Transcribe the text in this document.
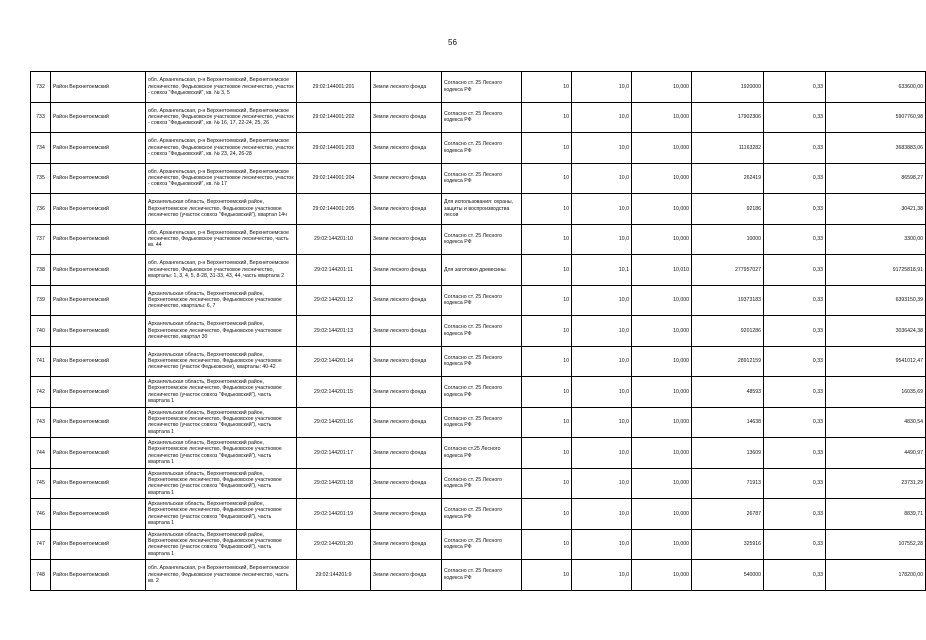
56
732	Район Верхнетоемский	обл. Архангельская, р-н Верхнетоемский, Верхнетоемское лесничество, Федьковское участковое лесничество, участок - совхоз "Федьковский", кв. № 3, 5	29:02:144001:201	Земли лесного фонда	Согласно ст. 25 Лесного кодекса РФ	10	10,0	10,000	1920000	0,33	633600,00
733	Район Верхнетоемский	обл. Архангельская, р-н Верхнетоемский, Верхнетоемское лесничество, Федьковское участковое лесничество, участок - совхоз "Федьковский", кв. № 16, 17, 22-24, 25, 26	29:02:144001:202	Земли лесного фонда	Согласно ст. 25 Лесного кодекса РФ	10	10,0	10,000	17902306	0,33	5907760,98
734	Район Верхнетоемский	обл. Архангельская, р-н Верхнетоемский, Верхнетоемское лесничество, Федьковское участковое лесничество, участок - совхоз "Федьковский", кв. № 23, 24, 26-28	29:02:144001:203	Земли лесного фонда	Согласно ст. 25 Лесного кодекса РФ	10	10,0	10,000	11163282	0,33	3683883,06
735	Район Верхнетоемский	обл. Архангельская, р-н Верхнетоемский, Верхнетоемское лесничество, Федьковское участковое лесничество, участок - совхоз "Федьковский", кв. № 17	29:02:144001:204	Земли лесного фонда	Согласно ст. 25 Лесного кодекса РФ	10	10,0	10,000	262419	0,33	86598,27
736	Район Верхнетоемский	Архангельская область, Верхнетоемский район, Верхнетоемское лесничество, Федьковское участковое лесничество (участок совхоз "Федьковский"), квартал 14ч	29:02:144001:205	Земли лесного фонда	Для использования: охраны, защиты и воспроизводства лесов	10	10,0	10,000	92186	0,33	30421,38
737	Район Верхнетоемский	обл. Архангельская, р-н Верхнетоемский, Верхнетоемское лесничество, Федьковское участковое лесничество, часть кв. 44	29:02:144201:10	Земли лесного фонда	Согласно ст. 25 Лесного кодекса РФ	10	10,0	10,000	10000	0,33	3300,00
738	Район Верхнетоемский	обл. Архангельская, р-н Верхнетоемский, Верхнетоемское лесничество, Федьковское участковое лесничество, кварталы: 1, 3, 4, 5, 8-28, 31-33, 43, 44, часть квартала 2	29:02:144201:11	Земли лесного фонда	Для заготовки древесины	10	10,1	10,010	277957027	0,33	91725818,91
739	Район Верхнетоемский	Архангельская область, Верхнетоемский район, Верхнетоемское лесничество, Федьковское участковое лесничество, кварталы: 6, 7	29:02:144201:12	Земли лесного фонда	Согласно ст. 25 Лесного кодекса РФ	10	10,0	10,000	19373183	0,33	6393150,39
740	Район Верхнетоемский	Архангельская область, Верхнетоемский район, Верхнетоемское лесничество, Федьковское участковое лесничество, квартал 30	29:02:144201:13	Земли лесного фонда	Согласно ст. 25 Лесного кодекса РФ	10	10,0	10,000	9201286	0,33	3036424,38
741	Район Верхнетоемский	Архангельская область, Верхнетоемский район, Верхнетоемское лесничество, Федьковское участковое лесничество (участок Федьковское), кварталы: 40-42	29:02:144201:14	Земли лесного фонда	Согласно ст. 25 Лесного кодекса РФ	10	10,0	10,000	28912159	0,33	9541012,47
742	Район Верхнетоемский	Архангельская область, Верхнетоемский район, Верхнетоемское лесничество, Федьковское участковое лесничество (участок совхоз "Федьковский"), часть квартала 1	29:02:144201:15	Земли лесного фонда	Согласно ст. 25 Лесного кодекса РФ	10	10,0	10,000	48593	0,33	16035,69
743	Район Верхнетоемский	Архангельская область, Верхнетоемский район, Верхнетоемское лесничество, Федьковское участковое лесничество (участок совхоз "Федьковский"), часть квартала 1	29:02:144201:16	Земли лесного фонда	Согласно ст. 25 Лесного кодекса РФ	10	10,0	10,000	14638	0,33	4830,54
744	Район Верхнетоемский	Архангельская область, Верхнетоемский район, Верхнетоемское лесничество, Федьковское участковое лесничество (участок совхоз "Федьковский"), часть квартала 1	29:02:144201:17	Земли лесного фонда	Согласно ст.25 Лесного кодекса РФ	10	10,0	10,000	13609	0,33	4490,97
745	Район Верхнетоемский	Архангельская область, Верхнетоемский район, Верхнетоемское лесничество, Федьковское участковое лесничество (участок совхоз "Федьковский"), часть квартала 1	29:02:144201:18	Земли лесного фонда	Согласно ст. 25 Лесного кодекса РФ	10	10,0	10,000	71913	0,33	23731,29
746	Район Верхнетоемский	Архангельская область, Верхнетоемский район, Верхнетоемское лесничество, Федьковское участковое лесничество (участок совхоз "Федьковский"), часть квартала 1	29:02:144201:19	Земли лесного фонда	Согласно ст. 25 Лесного кодекса РФ	10	10,0	10,000	26787	0,33	8839,71
747	Район Верхнетоемский	Архангельская область, Верхнетоемский район, Верхнетоемское лесничество, Федьковское участковое лесничество (участок совхоз "Федьковский"), часть квартала 1	29:02:144201:20	Земли лесного фонда	Согласно ст. 25 Лесного кодекса РФ	10	10,0	10,000	325916	0,33	107552,28
748	Район Верхнетоемский	обл. Архангельская, р-н Верхнетоемский, Верхнетоемское лесничество, Федьковское участковое лесничество, часть кв. 2	29:02:144201:9	Земли лесного фонда	Согласно ст. 25 Лесного кодекса РФ	10	10,0	10,000	540000	0,33	178200,00
